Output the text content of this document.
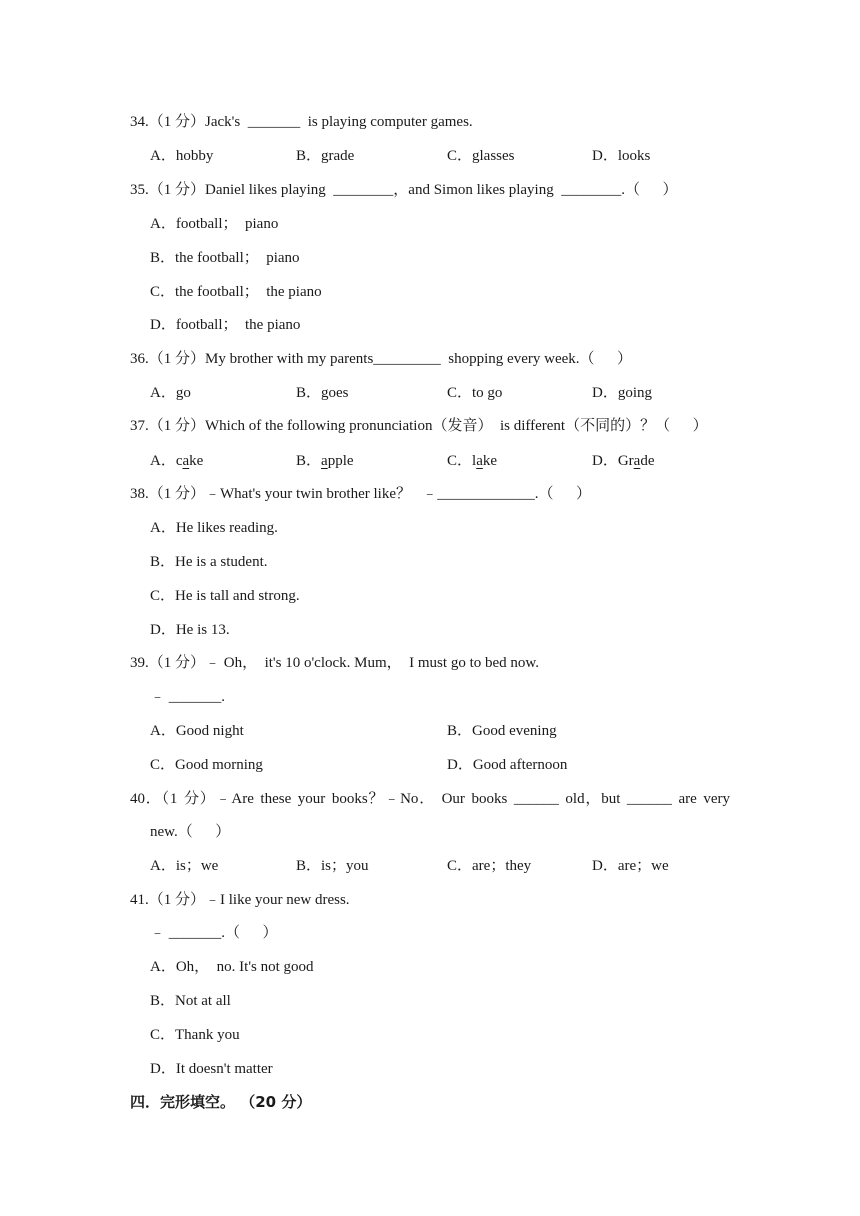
34.（1 分）Jack's  _______  is playing computer games.
A．hobby	B．grade	C．glasses	D．looks
35.（1 分）Daniel likes playing  ________，and Simon likes playing  ________.（      ）
A．football；  piano
B．the football；  piano
C．the football；  the piano
D．football；  the piano
36.（1 分）My brother with my parents_________  shopping every week.（      ）
A．go	B．goes	C．to go	D．going
37.（1 分）Which of the following pronunciation（发音）  is different（不同的）？（      ）
A．cake	B．apple	C．lake	D．Grade
38.（1 分）﹣What's your twin brother like？   ﹣_____________.（      ）
A．He likes reading.
B．He is a student.
C．He is tall and strong.
D．He is 13.
39.（1 分）﹣ Oh，  it's 10 o'clock. Mum，  I must go to bed now.
﹣ _______.
A．Good night	B．Good evening
C．Good morning	D．Good afternoon
40．（1 分）﹣Are these your books？﹣No． Our books ______ old，but ______ are very
new.（      ）
A．is；we	B．is；you	C．are；they	D．are；we
41.（1 分）﹣I like your new dress.
﹣ _______.（      ）
A．Oh，  no. It's not good
B．Not at all
C．Thank you
D．It doesn't matter
四．完形填空。 （20 分）
